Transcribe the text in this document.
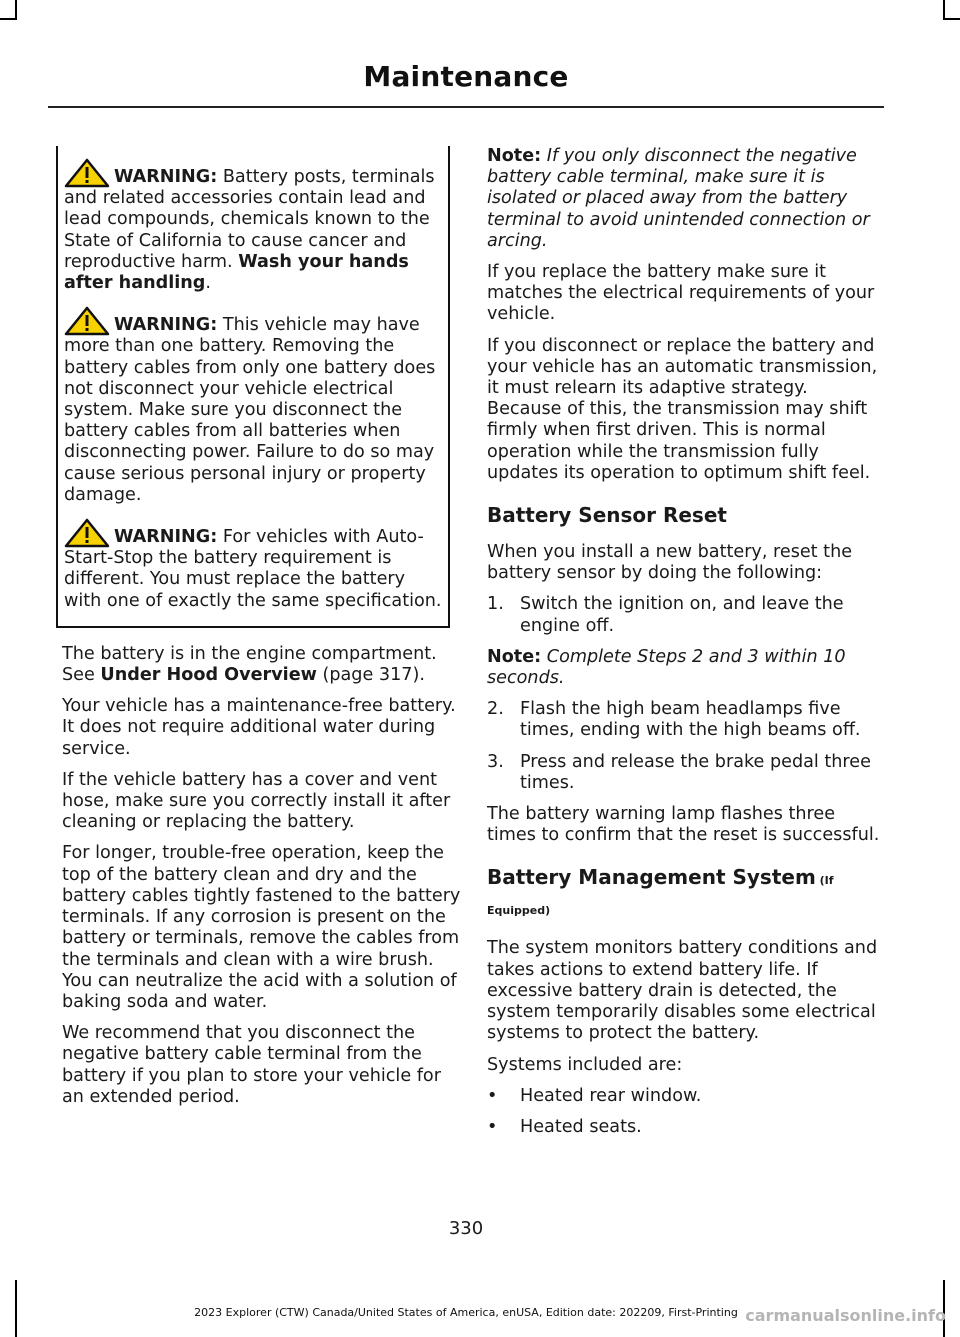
Maintenance

WARNING: Battery posts, terminals and related accessories contain lead and lead compounds, chemicals known to the State of California to cause cancer and reproductive harm. Wash your hands after handling.

WARNING: This vehicle may have more than one battery. Removing the battery cables from only one battery does not disconnect your vehicle electrical system. Make sure you disconnect the battery cables from all batteries when disconnecting power. Failure to do so may cause serious personal injury or property damage.

WARNING: For vehicles with Auto-Start-Stop the battery requirement is different. You must replace the battery with one of exactly the same specification.

The battery is in the engine compartment. See Under Hood Overview (page 317).

Your vehicle has a maintenance-free battery. It does not require additional water during service.

If the vehicle battery has a cover and vent hose, make sure you correctly install it after cleaning or replacing the battery.

For longer, trouble-free operation, keep the top of the battery clean and dry and the battery cables tightly fastened to the battery terminals. If any corrosion is present on the battery or terminals, remove the cables from the terminals and clean with a wire brush. You can neutralize the acid with a solution of baking soda and water.

We recommend that you disconnect the negative battery cable terminal from the battery if you plan to store your vehicle for an extended period.

Note: If you only disconnect the negative battery cable terminal, make sure it is isolated or placed away from the battery terminal to avoid unintended connection or arcing.

If you replace the battery make sure it matches the electrical requirements of your vehicle.

If you disconnect or replace the battery and your vehicle has an automatic transmission, it must relearn its adaptive strategy. Because of this, the transmission may shift firmly when first driven. This is normal operation while the transmission fully updates its operation to optimum shift feel.

Battery Sensor Reset

When you install a new battery, reset the battery sensor by doing the following:

1. Switch the ignition on, and leave the engine off.

Note: Complete Steps 2 and 3 within 10 seconds.

2. Flash the high beam headlamps five times, ending with the high beams off.
3. Press and release the brake pedal three times.

The battery warning lamp flashes three times to confirm that the reset is successful.

Battery Management System (If Equipped)

The system monitors battery conditions and takes actions to extend battery life. If excessive battery drain is detected, the system temporarily disables some electrical systems to protect the battery.

Systems included are:

• Heated rear window.
• Heated seats.
330
2023 Explorer (CTW) Canada/United States of America, enUSA, Edition date: 202209, First-Printing carmanualsonline.info
